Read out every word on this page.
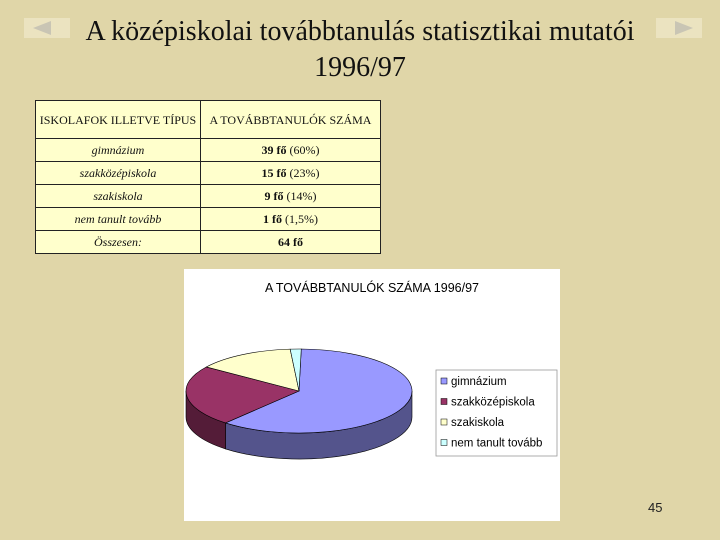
A középiskolai továbbtanulás statisztikai mutatói 1996/97
ISKOLAFOK ILLETVE TÍPUS	A TOVÁBBTANULÓK SZÁMA
gimnázium	39 fő (60%)
szakközépiskola	15 fő (23%)
szakiskola	9 fő (14%)
nem tanult tovább	1 fő (1,5%)
Összesen:	64 fő
A TOVÁBBTANULÓK SZÁMA 1996/97
gimnázium
szakközépiskola
szakiskola
nem tanult tovább
45
